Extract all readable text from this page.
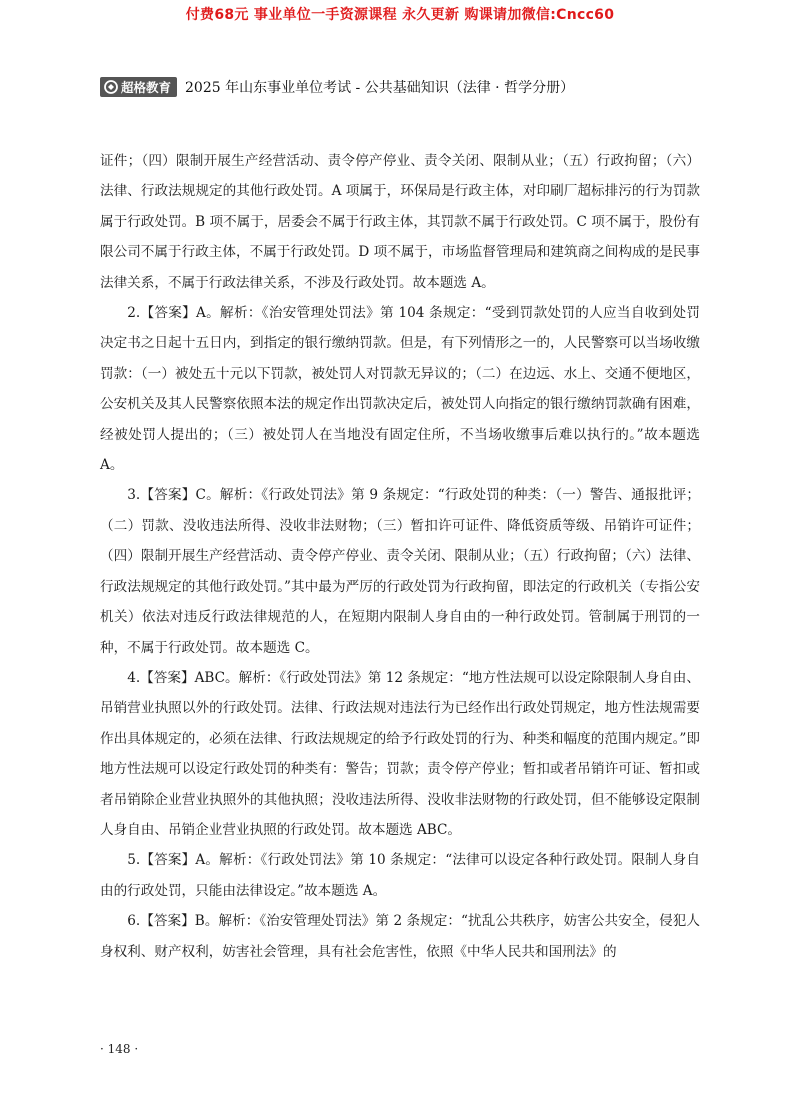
付费68元 事业单位一手资源课程 永久更新 购课请加微信:Cncc60
超格教育 2025 年山东事业单位考试 - 公共基础知识（法律 · 哲学分册）

证件；（四）限制开展生产经营活动、责令停产停业、责令关闭、限制从业；（五）行政拘留；（六）法律、行政法规规定的其他行政处罚。A 项属于，环保局是行政主体，对印刷厂超标排污的行为罚款属于行政处罚。B 项不属于，居委会不属于行政主体，其罚款不属于行政处罚。C 项不属于，股份有限公司不属于行政主体，不属于行政处罚。D 项不属于，市场监督管理局和建筑商之间构成的是民事法律关系，不属于行政法律关系，不涉及行政处罚。故本题选 A。

2.【答案】A。解析：《治安管理处罚法》第 104 条规定：“受到罚款处罚的人应当自收到处罚决定书之日起十五日内，到指定的银行缴纳罚款。但是，有下列情形之一的，人民警察可以当场收缴罚款：（一）被处五十元以下罚款，被处罚人对罚款无异议的；（二）在边远、水上、交通不便地区，公安机关及其人民警察依照本法的规定作出罚款决定后，被处罚人向指定的银行缴纳罚款确有困难，经被处罚人提出的；（三）被处罚人在当地没有固定住所，不当场收缴事后难以执行的。”故本题选 A。

3.【答案】C。解析：《行政处罚法》第 9 条规定：“行政处罚的种类：（一）警告、通报批评；（二）罚款、没收违法所得、没收非法财物；（三）暂扣许可证件、降低资质等级、吊销许可证件；（四）限制开展生产经营活动、责令停产停业、责令关闭、限制从业；（五）行政拘留；（六）法律、行政法规规定的其他行政处罚。”其中最为严厉的行政处罚为行政拘留，即法定的行政机关（专指公安机关）依法对违反行政法律规范的人，在短期内限制人身自由的一种行政处罚。管制属于刑罚的一种，不属于行政处罚。故本题选 C。

4.【答案】ABC。解析：《行政处罚法》第 12 条规定：“地方性法规可以设定除限制人身自由、吊销营业执照以外的行政处罚。法律、行政法规对违法行为已经作出行政处罚规定，地方性法规需要作出具体规定的，必须在法律、行政法规规定的给予行政处罚的行为、种类和幅度的范围内规定。”即地方性法规可以设定行政处罚的种类有：警告；罚款；责令停产停业；暂扣或者吊销许可证、暂扣或者吊销除企业营业执照外的其他执照；没收违法所得、没收非法财物的行政处罚，但不能够设定限制人身自由、吊销企业营业执照的行政处罚。故本题选 ABC。

5.【答案】A。解析：《行政处罚法》第 10 条规定：“法律可以设定各种行政处罚。限制人身自由的行政处罚，只能由法律设定。”故本题选 A。

6.【答案】B。解析：《治安管理处罚法》第 2 条规定：“扰乱公共秩序，妨害公共安全，侵犯人身权利、财产权利，妨害社会管理，具有社会危害性，依照《中华人民共和国刑法》的

· 148 ·
